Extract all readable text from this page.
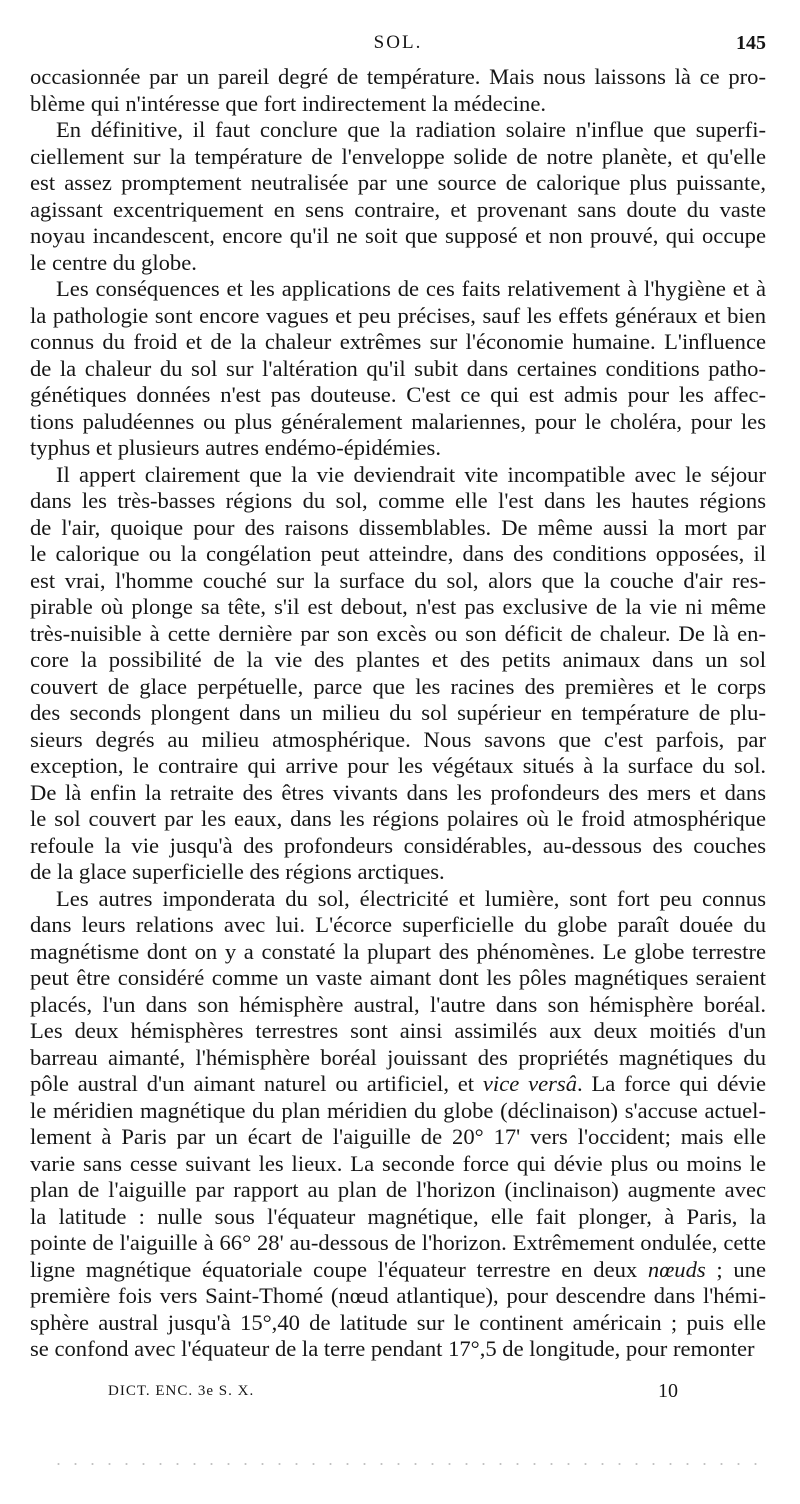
SOL.	145
occasionnée par un pareil degré de température. Mais nous laissons là ce pro-
blème qui n'intéresse que fort indirectement la médecine.
En définitive, il faut conclure que la radiation solaire n'influe que superfi-
ciellement sur la température de l'enveloppe solide de notre planète, et qu'elle
est assez promptement neutralisée par une source de calorique plus puissante,
agissant excentriquement en sens contraire, et provenant sans doute du vaste
noyau incandescent, encore qu'il ne soit que supposé et non prouvé, qui occupe
le centre du globe.
Les conséquences et les applications de ces faits relativement à l'hygiène et à
la pathologie sont encore vagues et peu précises, sauf les effets généraux et bien
connus du froid et de la chaleur extrêmes sur l'économie humaine. L'influence
de la chaleur du sol sur l'altération qu'il subit dans certaines conditions patho-
génétiques données n'est pas douteuse. C'est ce qui est admis pour les affec-
tions paludéennes ou plus généralement malariennes, pour le choléra, pour les
typhus et plusieurs autres endémo-épidémies.
Il appert clairement que la vie deviendrait vite incompatible avec le séjour
dans les très-basses régions du sol, comme elle l'est dans les hautes régions
de l'air, quoique pour des raisons dissemblables. De même aussi la mort par
le calorique ou la congélation peut atteindre, dans des conditions opposées, il
est vrai, l'homme couché sur la surface du sol, alors que la couche d'air res-
pirable où plonge sa tête, s'il est debout, n'est pas exclusive de la vie ni même
très-nuisible à cette dernière par son excès ou son déficit de chaleur. De là en-
core la possibilité de la vie des plantes et des petits animaux dans un sol
couvert de glace perpétuelle, parce que les racines des premières et le corps
des seconds plongent dans un milieu du sol supérieur en température de plu-
sieurs degrés au milieu atmosphérique. Nous savons que c'est parfois, par
exception, le contraire qui arrive pour les végétaux situés à la surface du sol.
De là enfin la retraite des êtres vivants dans les profondeurs des mers et dans
le sol couvert par les eaux, dans les régions polaires où le froid atmosphérique
refoule la vie jusqu'à des profondeurs considérables, au-dessous des couches
de la glace superficielle des régions arctiques.
Les autres imponderata du sol, électricité et lumière, sont fort peu connus
dans leurs relations avec lui. L'écorce superficielle du globe paraît douée du
magnétisme dont on y a constaté la plupart des phénomènes. Le globe terrestre
peut être considéré comme un vaste aimant dont les pôles magnétiques seraient
placés, l'un dans son hémisphère austral, l'autre dans son hémisphère boréal.
Les deux hémisphères terrestres sont ainsi assimilés aux deux moitiés d'un
barreau aimanté, l'hémisphère boréal jouissant des propriétés magnétiques du
pôle austral d'un aimant naturel ou artificiel, et vice versâ. La force qui dévie
le méridien magnétique du plan méridien du globe (déclinaison) s'accuse actuel-
lement à Paris par un écart de l'aiguille de 20° 17' vers l'occident; mais elle
varie sans cesse suivant les lieux. La seconde force qui dévie plus ou moins le
plan de l'aiguille par rapport au plan de l'horizon (inclinaison) augmente avec
la latitude : nulle sous l'équateur magnétique, elle fait plonger, à Paris, la
pointe de l'aiguille à 66° 28' au-dessous de l'horizon. Extrêmement ondulée, cette
ligne magnétique équatoriale coupe l'équateur terrestre en deux nœuds ; une
première fois vers Saint-Thomé (nœud atlantique), pour descendre dans l'hémi-
sphère austral jusqu'à 15°,40 de latitude sur le continent américain ; puis elle
se confond avec l'équateur de la terre pendant 17°,5 de longitude, pour remonter
DICT. ENC. 3e S. X.	10
